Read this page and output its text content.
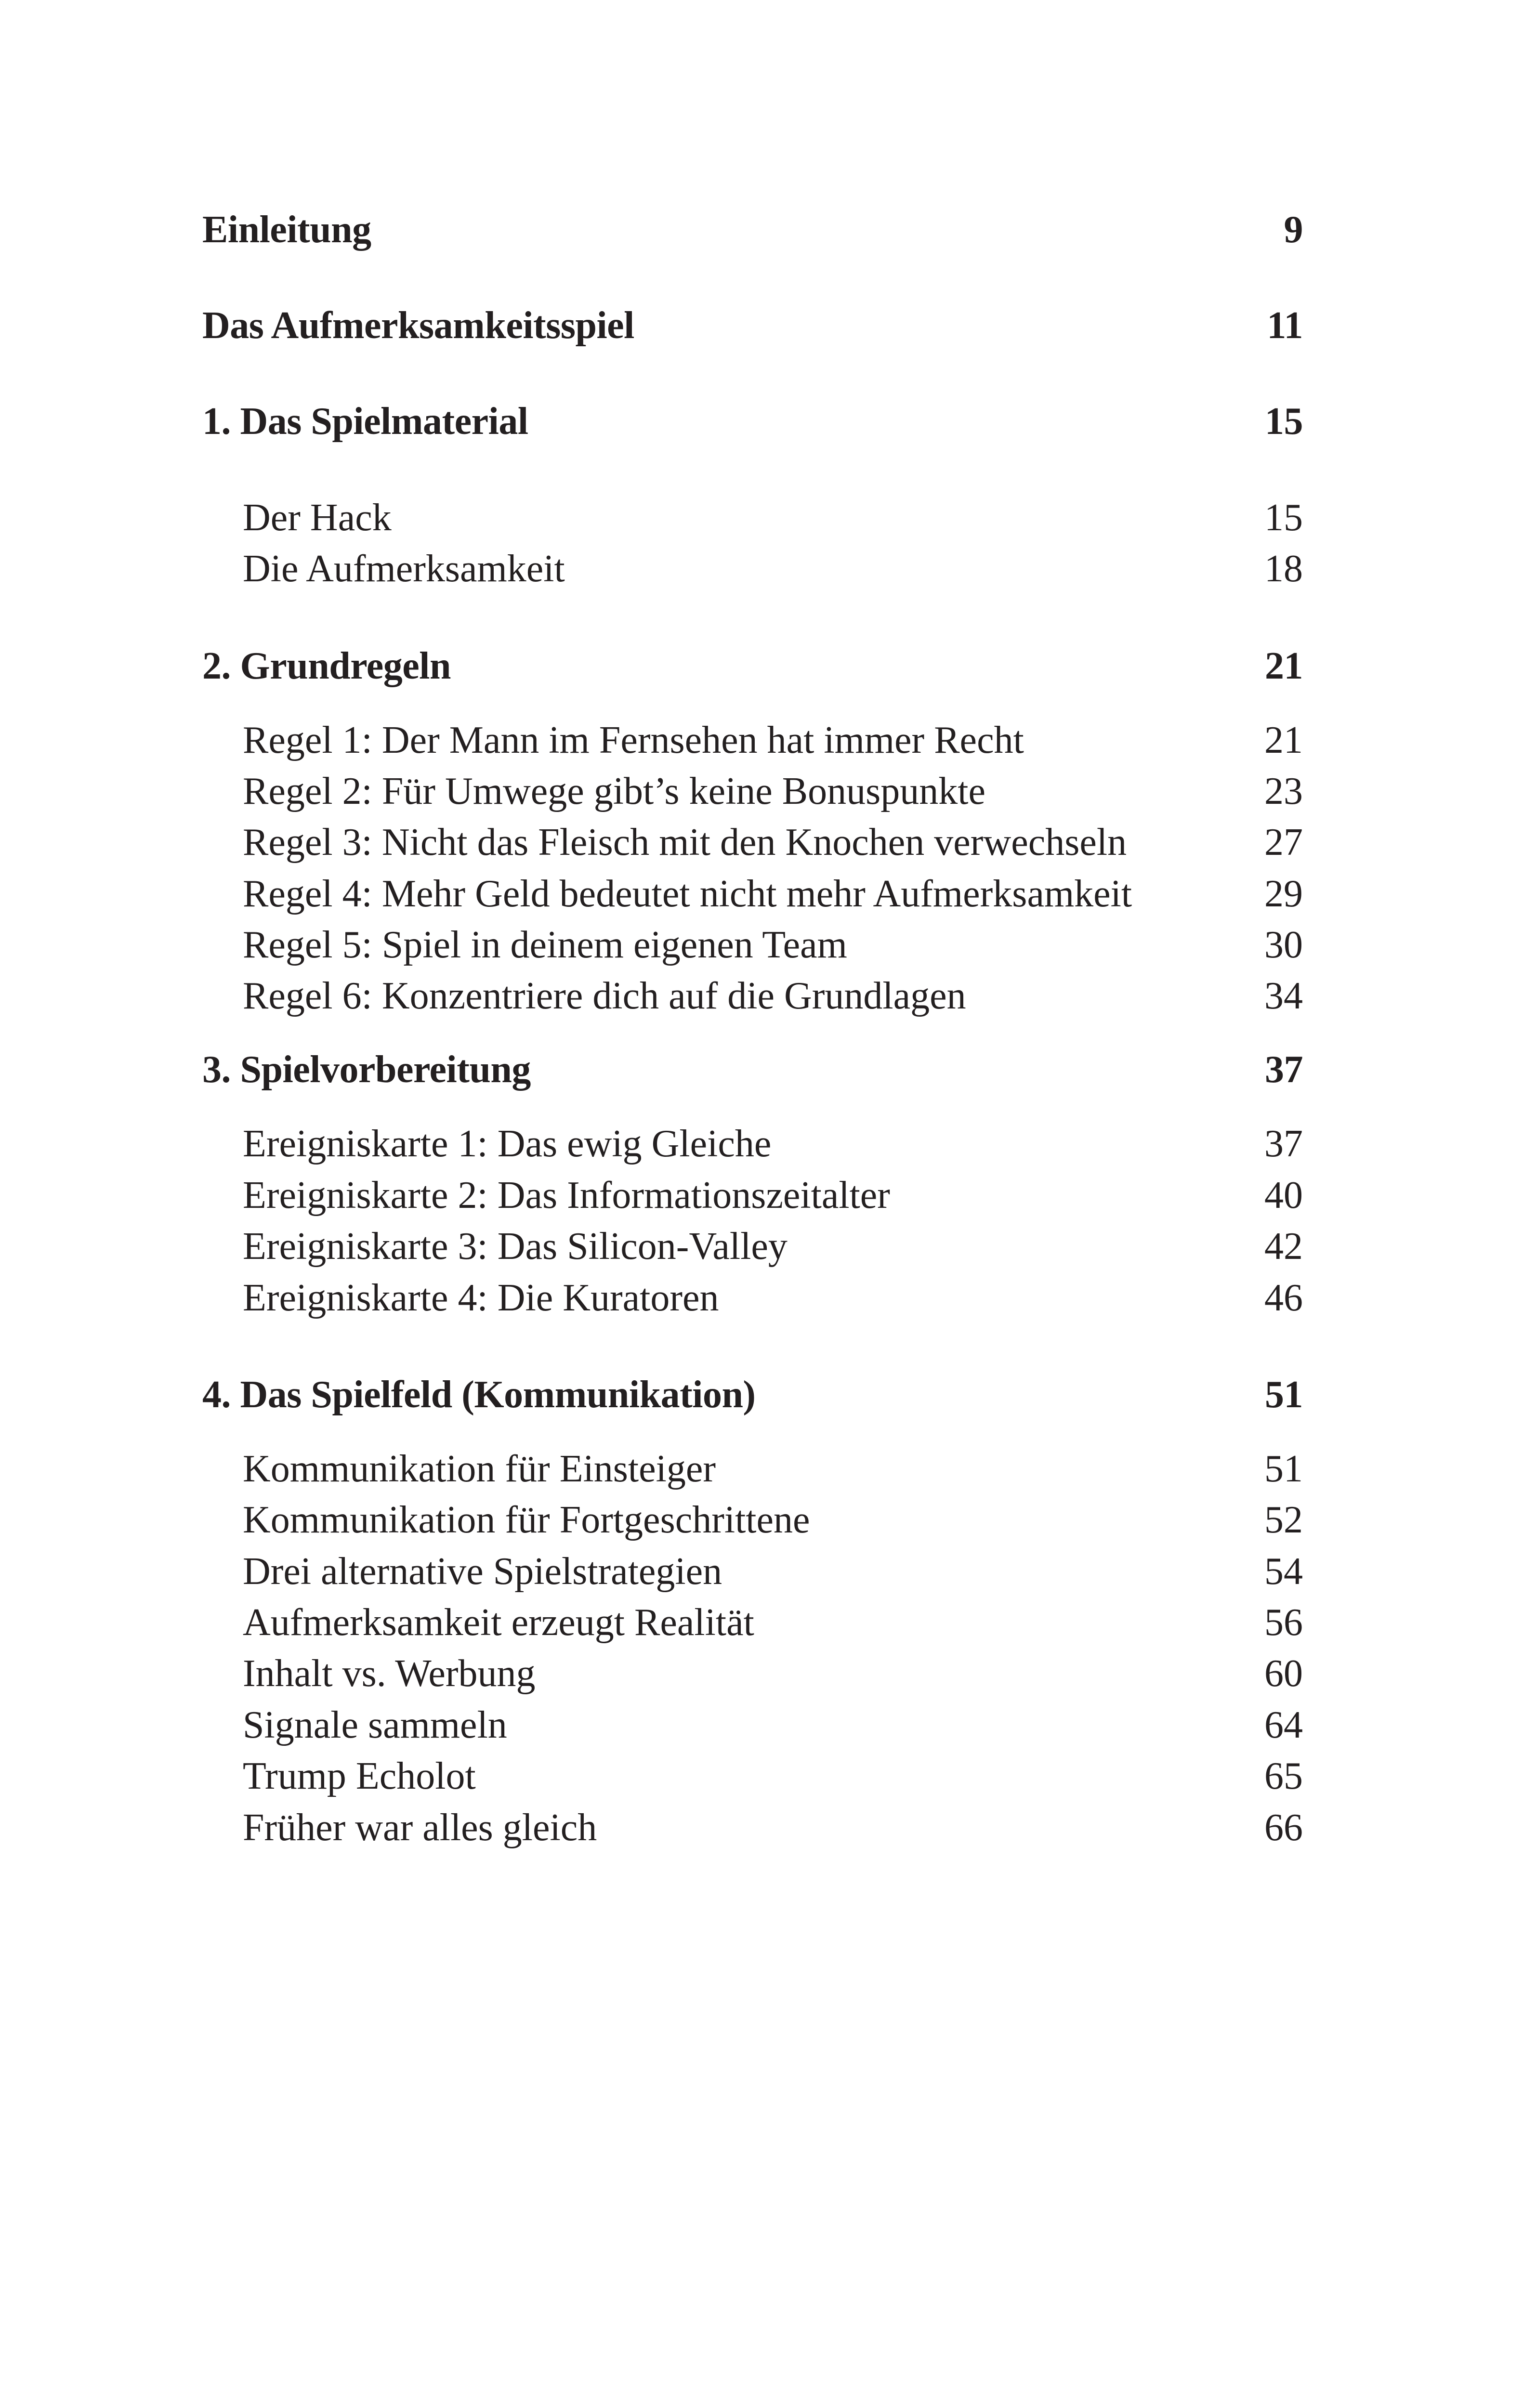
Einleitung	9
Das Aufmerksamkeitsspiel	11
1. Das Spielmaterial	15
Der Hack	15
Die Aufmerksamkeit	18
2. Grundregeln	21
Regel 1: Der Mann im Fernsehen hat immer Recht	21
Regel 2: Für Umwege gibt’s keine Bonuspunkte	23
Regel 3: Nicht das Fleisch mit den Knochen verwechseln	27
Regel 4: Mehr Geld bedeutet nicht mehr Aufmerksamkeit	29
Regel 5: Spiel in deinem eigenen Team	30
Regel 6: Konzentriere dich auf die Grundlagen	34
3. Spielvorbereitung	37
Ereigniskarte 1: Das ewig Gleiche	37
Ereigniskarte 2: Das Informationszeitalter	40
Ereigniskarte 3: Das Silicon-Valley	42
Ereigniskarte 4: Die Kuratoren	46
4. Das Spielfeld (Kommunikation)	51
Kommunikation für Einsteiger	51
Kommunikation für Fortgeschrittene	52
Drei alternative Spielstrategien	54
Aufmerksamkeit erzeugt Realität	56
Inhalt vs. Werbung	60
Signale sammeln	64
Trump Echolot	65
Früher war alles gleich	66
